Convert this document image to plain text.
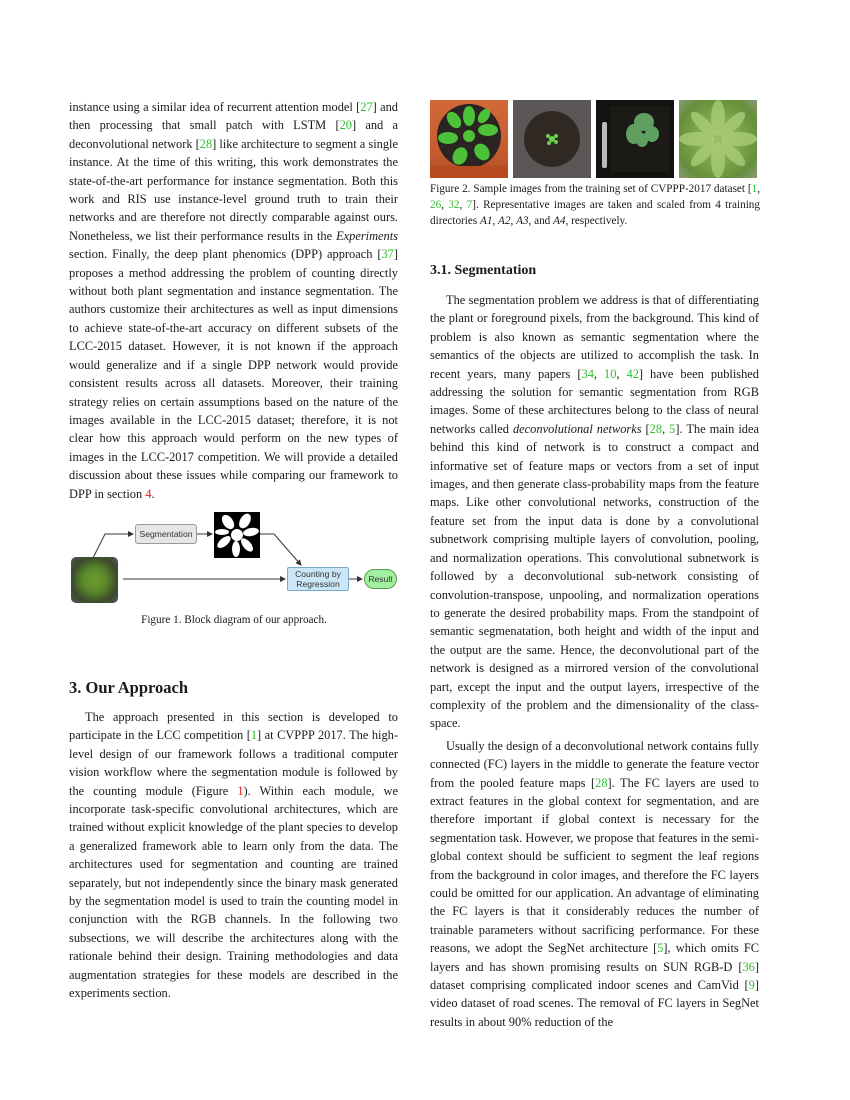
instance using a similar idea of recurrent attention model [27] and then processing that small patch with LSTM [20] and a deconvolutional network [28] like architecture to segment a single instance. At the time of this writing, this work demonstrates the state-of-the-art performance for instance segmentation. Both this work and RIS use instance-level ground truth to train their networks and are therefore not directly comparable against ours. Nonetheless, we list their performance results in the Experiments section. Finally, the deep plant phenomics (DPP) approach [37] proposes a method addressing the problem of counting directly without both plant segmentation and instance segmentation. The authors customize their architectures as well as input dimensions to achieve state-of-the-art accuracy on different subsets of the LCC-2015 dataset. However, it is not known if the approach would generalize and if a single DPP network would provide consistent results across all datasets. Moreover, their training strategy relies on certain assumptions based on the nature of the images available in the LCC-2015 dataset; therefore, it is not clear how this approach would perform on the new types of images in the LCC-2017 competition. We will provide a detailed discussion about these issues while comparing our framework to DPP in section 4.

Segmentation
Counting by
Regression	Result
Figure 1. Block diagram of our approach.
3. Our Approach

The approach presented in this section is developed to participate in the LCC competition [1] at CVPPP 2017. The high-level design of our framework follows a traditional computer vision workflow where the segmentation module is followed by the counting module (Figure 1). Within each module, we incorporate task-specific convolutional architectures, which are trained without explicit knowledge of the plant species to develop a generalized framework able to learn only from the data. The architectures used for segmentation and counting are trained separately, but not independently since the binary mask generated by the segmentation model is used to train the counting model in conjunction with the RGB channels. In the following two subsections, we will describe the architectures along with the rationale behind their design. Training methodologies and data augmentation strategies for these models are described in the experiments section.

Figure 2. Sample images from the training set of CVPPP-2017 dataset [1, 26, 32, 7]. Representative images are taken and scaled from 4 training directories A1, A2, A3, and A4, respectively.
3.1. Segmentation

The segmentation problem we address is that of differentiating the plant or foreground pixels, from the background. This kind of problem is also known as semantic segmentation where the semantics of the objects are utilized to accomplish the task. In recent years, many papers [34, 10, 42] have been published addressing the solution for semantic segmentation from RGB images. Some of these architectures belong to the class of neural networks called deconvolutional networks [28, 5]. The main idea behind this kind of network is to construct a compact and informative set of feature maps or vectors from a set of input images, and then generate class-probability maps from the feature maps. Like other convolutional networks, construction of the feature set from the input data is done by a convolutional subnetwork comprising multiple layers of convolution, pooling, and normalization operations. This convolutional subnetwork is followed by a deconvolutional sub-network consisting of convolution-transpose, unpooling, and normalization operations to generate the desired probability maps. From the standpoint of semantic segmenatation, both height and width of the input and the output are the same. Hence, the deconvolutional part of the network is designed as a mirrored version of the convolutional part, except the input and the output layers, irrespective of the complexity of the problem and the dimensionality of the class-space.

Usually the design of a deconvolutional network contains fully connected (FC) layers in the middle to generate the feature vector from the pooled feature maps [28]. The FC layers are used to extract features in the global context for segmentation, and are therefore important if global context is necessary for the segmentation task. However, we propose that features in the semi-global context should be sufficient to segment the leaf regions from the background in color images, and therefore the FC layers could be omitted for our application. An advantage of eliminating the FC layers is that it considerably reduces the number of trainable parameters without sacrificing performance. For these reasons, we adopt the SegNet architecture [5], which omits FC layers and has shown promising results on SUN RGB-D [36] dataset comprising complicated indoor scenes and CamVid [9] video dataset of road scenes. The removal of FC layers in SegNet results in about 90% reduction of the
